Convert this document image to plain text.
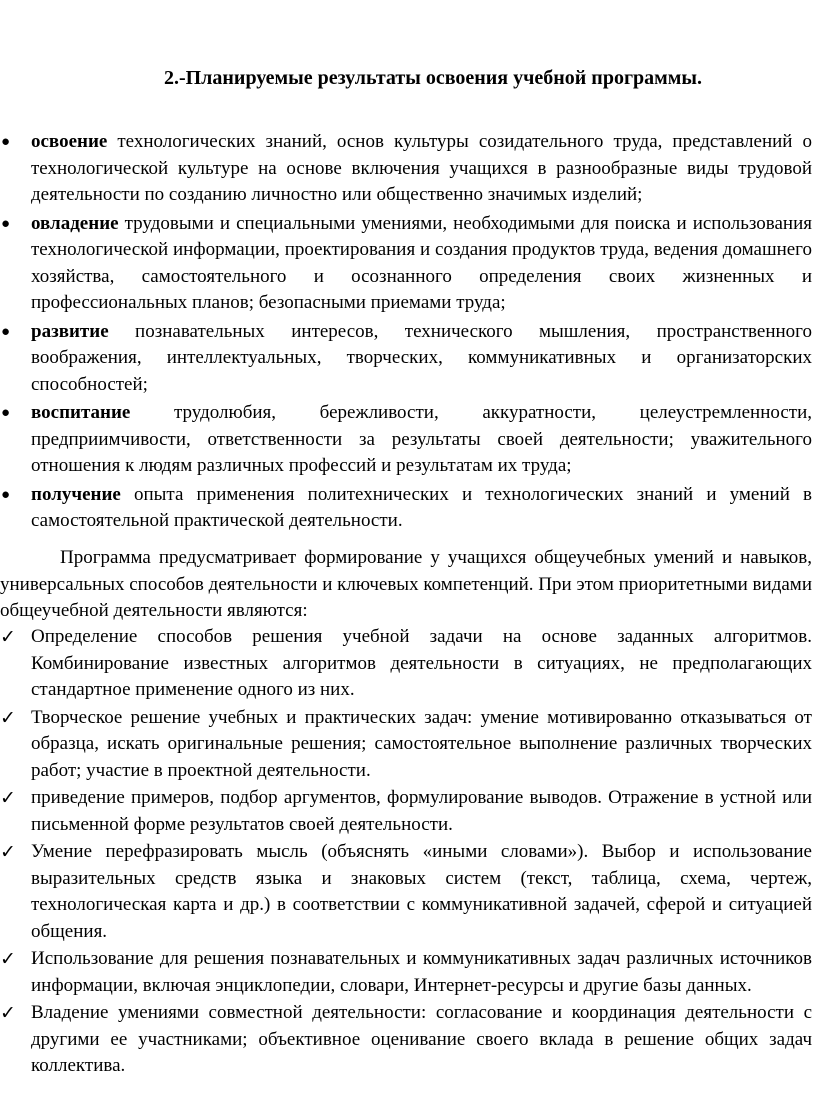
2.-Планируемые результаты освоения учебной программы.
● освоение технологических знаний, основ культуры созидательного труда, представлений о технологической культуре на основе включения учащихся в разнообразные виды трудовой деятельности по созданию личностно или общественно значимых изделий;
● овладение трудовыми и специальными умениями, необходимыми для поиска и использования технологической информации, проектирования и создания продуктов труда, ведения домашнего хозяйства, самостоятельного и осознанного определения своих жизненных и профессиональных планов; безопасными приемами труда;
● развитие познавательных интересов, технического мышления, пространственного воображения, интеллектуальных, творческих, коммуникативных и организаторских способностей;
● воспитание трудолюбия, бережливости, аккуратности, целеустремленности, предприимчивости, ответственности за результаты своей деятельности; уважительного отношения к людям различных профессий и результатам их труда;
● получение опыта применения политехнических и технологических знаний и умений в самостоятельной практической деятельности.

Программа предусматривает формирование у учащихся общеучебных умений и навыков, универсальных способов деятельности и ключевых компетенций. При этом приоритетными видами общеучебной деятельности являются:

✓ Определение способов решения учебной задачи на основе заданных алгоритмов. Комбинирование известных алгоритмов деятельности в ситуациях, не предполагающих стандартное применение одного из них.
✓ Творческое решение учебных и практических задач: умение мотивированно отказываться от образца, искать оригинальные решения; самостоятельное выполнение различных творческих работ; участие в проектной деятельности.
✓ приведение примеров, подбор аргументов, формулирование выводов. Отражение в устной или письменной форме результатов своей деятельности.
✓ Умение перефразировать мысль (объяснять «иными словами»). Выбор и использование выразительных средств языка и знаковых систем (текст, таблица, схема, чертеж, технологическая карта и др.) в соответствии с коммуникативной задачей, сферой и ситуацией общения.
✓ Использование для решения познавательных и коммуникативных задач различных источников информации, включая энциклопедии, словари, Интернет-ресурсы и другие базы данных.
✓ Владение умениями совместной деятельности: согласование и координация деятельности с другими ее участниками; объективное оценивание своего вклада в решение общих задач коллектива.
